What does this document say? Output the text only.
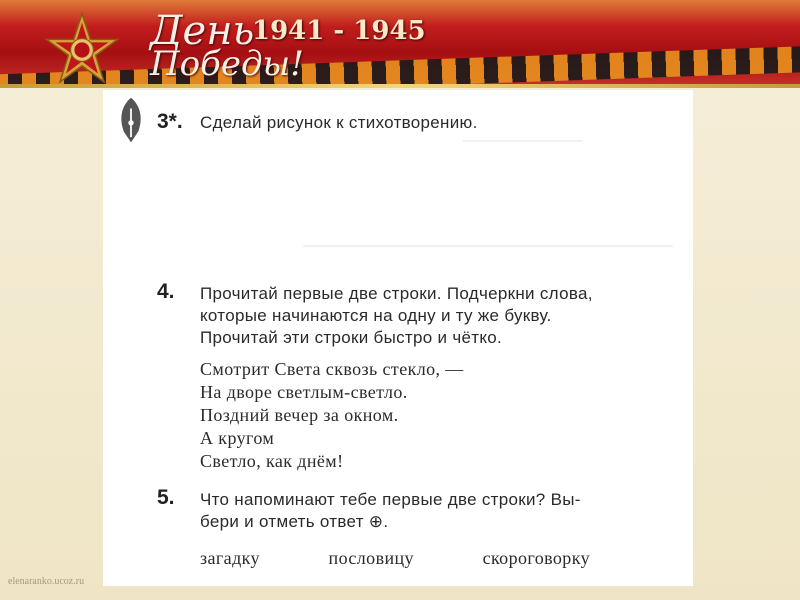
День
Победы!
1941 - 1945
3*. Сделай рисунок к стихотворению.
4. Прочитай первые две строки. Подчеркни слова,
которые начинаются на одну и ту же букву.
Прочитай эти строки быстро и чётко.
Смотрит Света сквозь стекло, —
На дворе светлым-светло.
Поздний вечер за окном.
А кругом
Светло, как днём!
5. Что напоминают тебе первые две строки? Вы-
бери и отметь ответ ⊕.
загадку	пословицу	скороговорку
elenaranko.ucoz.ru
